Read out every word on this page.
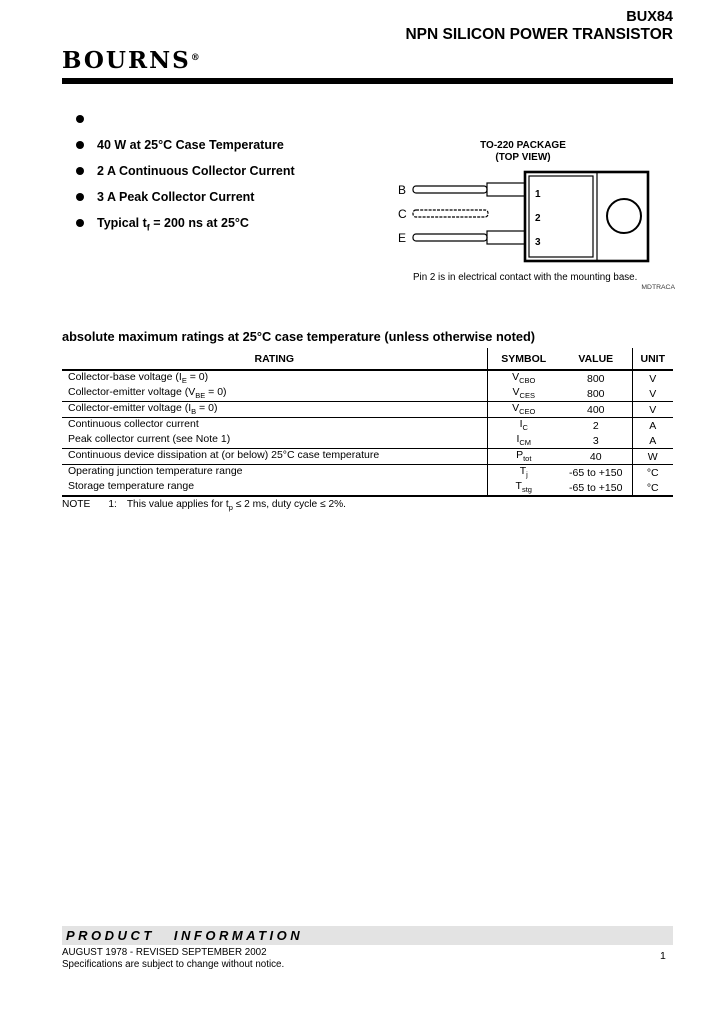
BUX84
NPN SILICON POWER TRANSISTOR
BOURNS®
40 W at 25°C Case Temperature
2 A Continuous Collector Current
3 A Peak Collector Current
Typical $t_f = 200$ ns at 25°C
TO-220 PACKAGE
(TOP VIEW)
B
C
E
1
2
3
Pin 2 is in electrical contact with the mounting base.
MDTRACA
absolute maximum ratings at 25°C case temperature (unless otherwise noted)
RATING	SYMBOL	VALUE	UNIT
Collector-base voltage $(I_E = 0)$	$V_{CBO}$	800	V
Collector-emitter voltage $(V_{BE} = 0)$	$V_{CES}$	800	V
Collector-emitter voltage $(I_B = 0)$	$V_{CEO}$	400	V
Continuous collector current	$I_C$	2	A
Peak collector current (see Note 1)	$I_{CM}$	3	A
Continuous device dissipation at (or below) 25°C case temperature	$P_{tot}$	40	W
Operating junction temperature range	$T_j$	-65 to +150	°C
Storage temperature range	$T_{stg}$	-65 to +150	°C
NOTE 1: This value applies for $t_p \le 2$ ms, duty cycle ≤ 2%.
PRODUCT INFORMATION
AUGUST 1978 - REVISED SEPTEMBER 2002
Specifications are subject to change without notice.
1
